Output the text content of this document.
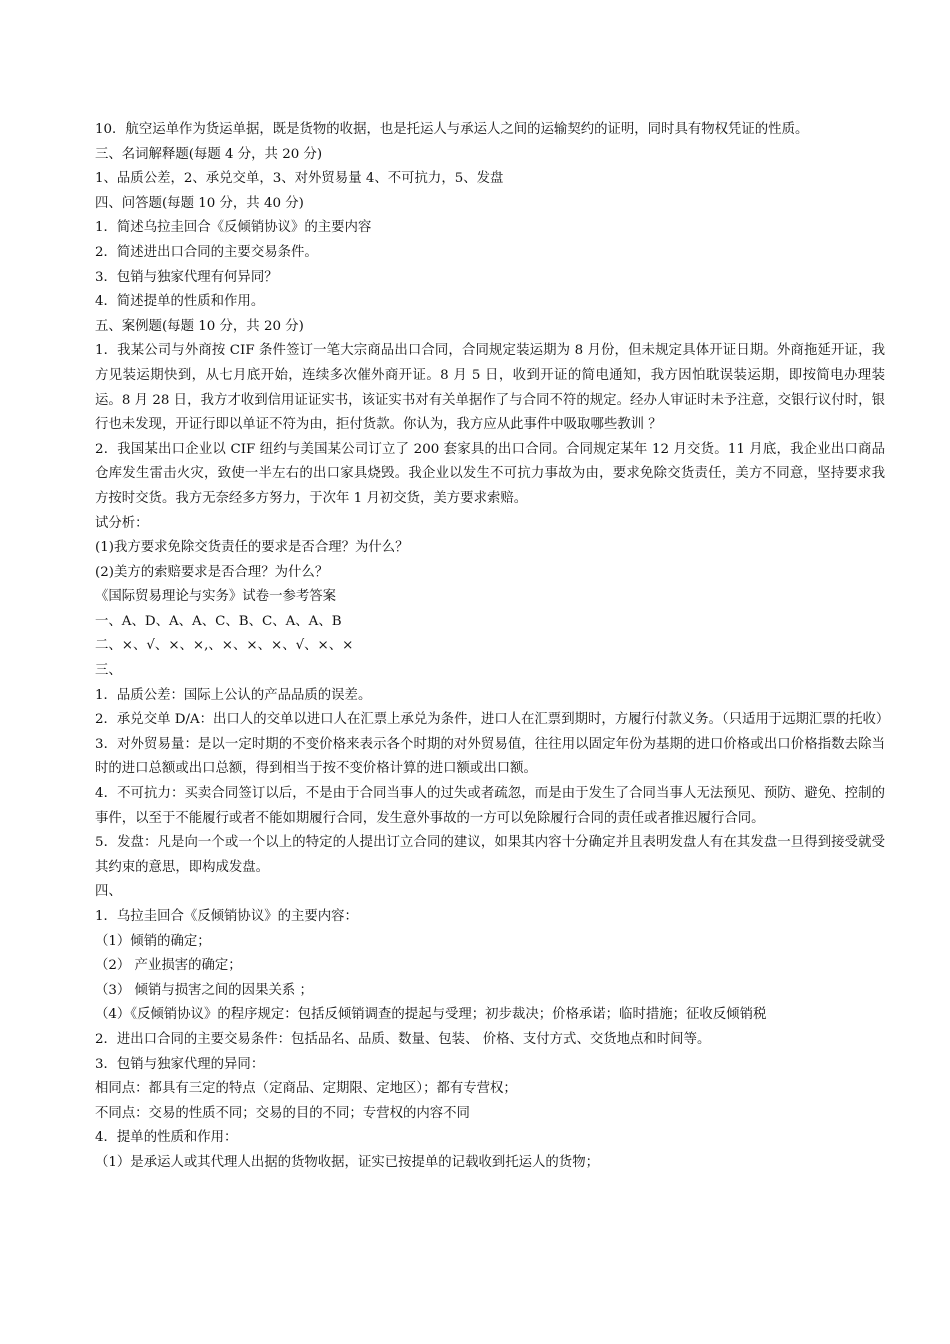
10．航空运单作为货运单据，既是货物的收据，也是托运人与承运人之间的运输契约的证明，同时具有物权凭证的性质。

三、名词解释题(每题 4 分，共 20 分)

1、品质公差，2、承兑交单，3、对外贸易量 4、不可抗力，5、发盘

四、问答题(每题 10 分，共 40 分)

1．简述乌拉圭回合《反倾销协议》的主要内容

2．简述进出口合同的主要交易条件。

3．包销与独家代理有何异同？

4．简述提单的性质和作用。

五、案例题(每题 10 分，共 20 分)

1．我某公司与外商按 CIF 条件签订一笔大宗商品出口合同，合同规定装运期为 8 月份，但未规定具体开证日期。外商拖延开证，我方见装运期快到，从七月底开始，连续多次催外商开证。8 月 5 日，收到开证的简电通知，我方因怕耽误装运期，即按简电办理装运。8 月 28 日，我方才收到信用证证实书，该证实书对有关单据作了与合同不符的规定。经办人审证时未予注意，交银行议付时，银行也未发现，开证行即以单证不符为由，拒付货款。你认为，我方应从此事件中吸取哪些教训 ？

2．我国某出口企业以 CIF 纽约与美国某公司订立了 200 套家具的出口合同。合同规定某年 12 月交货。11 月底，我企业出口商品仓库发生雷击火灾，致使一半左右的出口家具烧毁。我企业以发生不可抗力事故为由，要求免除交货责任，美方不同意，坚持要求我方按时交货。我方无奈经多方努力，于次年 1 月初交货，美方要求索赔。

试分析：

(1)我方要求免除交货责任的要求是否合理？为什么？

(2)美方的索赔要求是否合理？为什么？

《国际贸易理论与实务》试卷一参考答案

一、A、D、A、A、C、B、C、A、A、B

二、×、√、×、×,、×、×、×、√、×、×

三、

1．品质公差：国际上公认的产品品质的误差。

2．承兑交单 D/A：出口人的交单以进口人在汇票上承兑为条件，进口人在汇票到期时，方履行付款义务。（只适用于远期汇票的托收）

3．对外贸易量：是以一定时期的不变价格来表示各个时期的对外贸易值，往往用以固定年份为基期的进口价格或出口价格指数去除当时的进口总额或出口总额，得到相当于按不变价格计算的进口额或出口额。

4．不可抗力：买卖合同签订以后，不是由于合同当事人的过失或者疏忽，而是由于发生了合同当事人无法预见、预防、避免、控制的事件，以至于不能履行或者不能如期履行合同，发生意外事故的一方可以免除履行合同的责任或者推迟履行合同。

5．发盘：凡是向一个或一个以上的特定的人提出订立合同的建议，如果其内容十分确定并且表明发盘人有在其发盘一旦得到接受就受其约束的意思，即构成发盘。

四、

1．乌拉圭回合《反倾销协议》的主要内容：

（1）倾销的确定；

（2） 产业损害的确定；

（3） 倾销与损害之间的因果关系 ；

（4）《反倾销协议》的程序规定：包括反倾销调查的提起与受理；初步裁决；价格承诺；临时措施；征收反倾销税

2．进出口合同的主要交易条件：包括品名、品质、数量、包装、 价格、支付方式、交货地点和时间等。

3．包销与独家代理的异同：

相同点：都具有三定的特点（定商品、定期限、定地区）；都有专营权；

不同点：交易的性质不同；交易的目的不同；专营权的内容不同

4．提单的性质和作用：

（1）是承运人或其代理人出据的货物收据，证实已按提单的记载收到托运人的货物；
